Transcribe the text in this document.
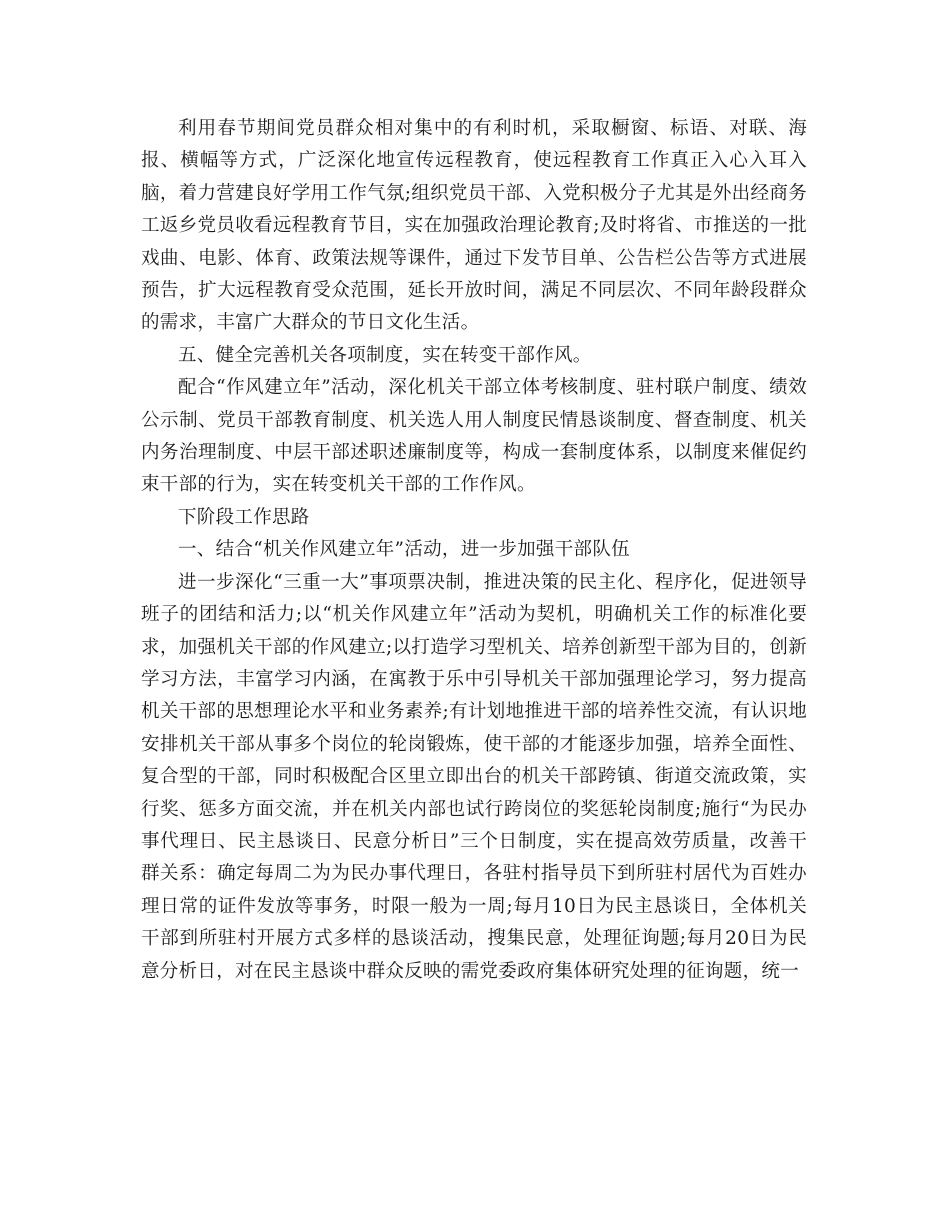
利用春节期间党员群众相对集中的有利时机，采取橱窗、标语、对联、海报、横幅等方式，广泛深化地宣传远程教育，使远程教育工作真正入心入耳入脑，着力营建良好学用工作气氛;组织党员干部、入党积极分子尤其是外出经商务工返乡党员收看远程教育节目，实在加强政治理论教育;及时将省、市推送的一批戏曲、电影、体育、政策法规等课件，通过下发节目单、公告栏公告等方式进展预告，扩大远程教育受众范围，延长开放时间，满足不同层次、不同年龄段群众的需求，丰富广大群众的节日文化生活。

五、健全完善机关各项制度，实在转变干部作风。

配合“作风建立年”活动，深化机关干部立体考核制度、驻村联户制度、绩效公示制、党员干部教育制度、机关选人用人制度民情恳谈制度、督查制度、机关内务治理制度、中层干部述职述廉制度等，构成一套制度体系，以制度来催促约束干部的行为，实在转变机关干部的工作作风。

下阶段工作思路

一、结合“机关作风建立年”活动，进一步加强干部队伍

进一步深化“三重一大”事项票决制，推进决策的民主化、程序化，促进领导班子的团结和活力;以“机关作风建立年”活动为契机，明确机关工作的标准化要求，加强机关干部的作风建立;以打造学习型机关、培养创新型干部为目的，创新学习方法，丰富学习内涵，在寓教于乐中引导机关干部加强理论学习，努力提高机关干部的思想理论水平和业务素养;有计划地推进干部的培养性交流，有认识地安排机关干部从事多个岗位的轮岗锻炼，使干部的才能逐步加强，培养全面性、复合型的干部，同时积极配合区里立即出台的机关干部跨镇、街道交流政策，实行奖、惩多方面交流，并在机关内部也试行跨岗位的奖惩轮岗制度;施行“为民办事代理日、民主恳谈日、民意分析日”三个日制度，实在提高效劳质量，改善干群关系：确定每周二为为民办事代理日，各驻村指导员下到所驻村居代为百姓办理日常的证件发放等事务，时限一般为一周;每月10日为民主恳谈日，全体机关干部到所驻村开展方式多样的恳谈活动，搜集民意，处理征询题;每月20日为民意分析日，对在民主恳谈中群众反映的需党委政府集体研究处理的征询题，统一
